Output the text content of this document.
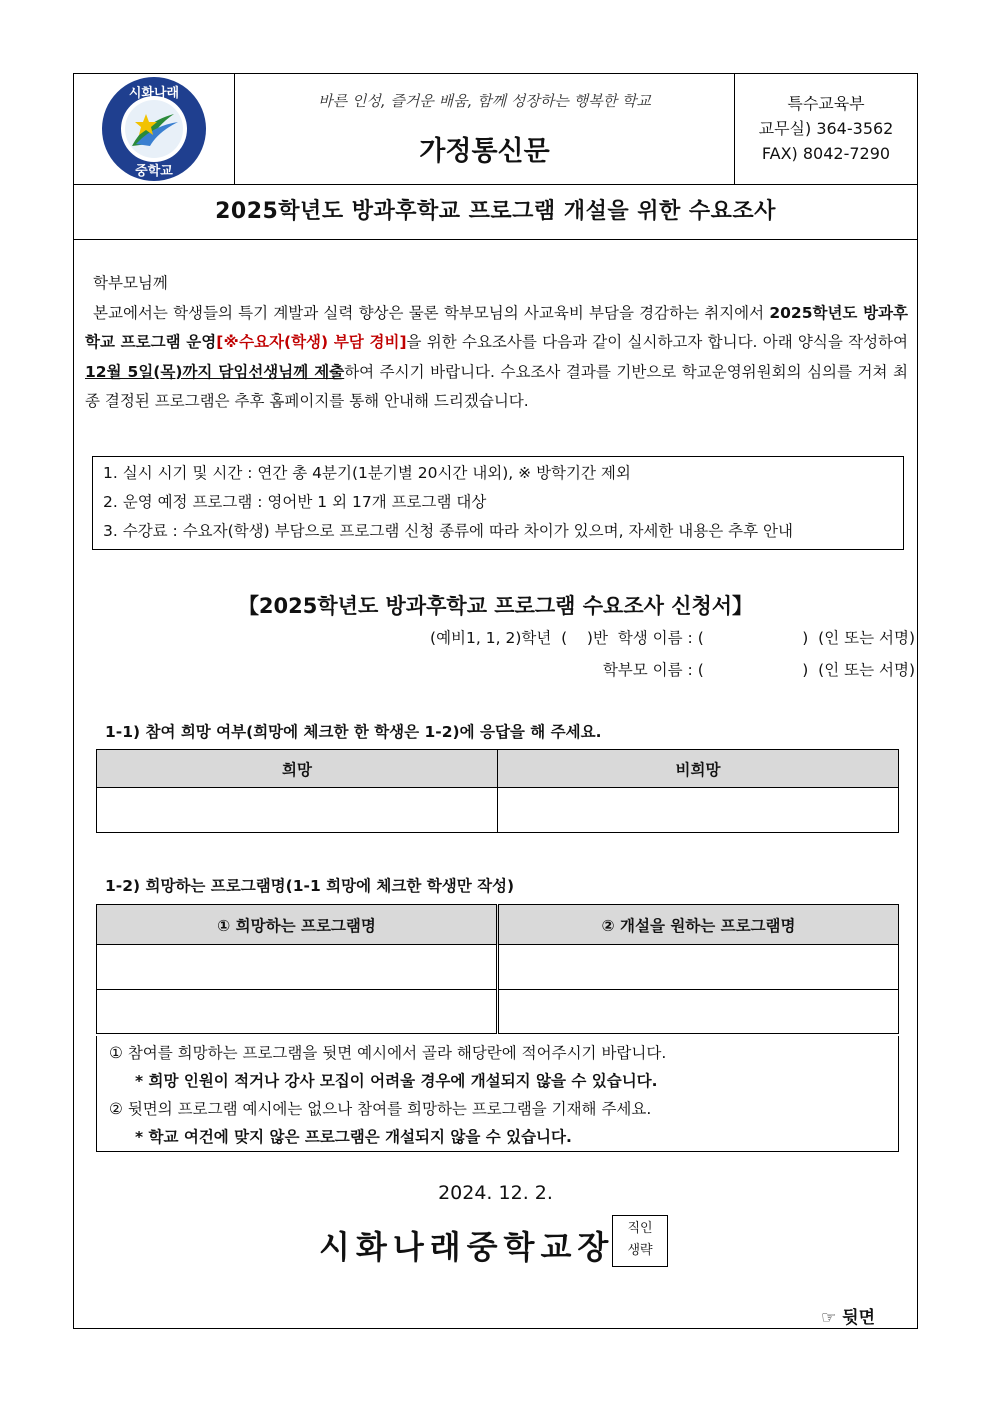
시화나래
중학교
바른 인성, 즐거운 배움, 함께 성장하는 행복한 학교
가정통신문
특수교육부
교무실) 364-3562
FAX) 8042-7290
2025학년도 방과후학교 프로그램 개설을 위한 수요조사
학부모님께
본교에서는 학생들의 특기 계발과 실력 향상은 물론 학부모님의 사교육비 부담을 경감하는 취지에서 2025학년도 방과후학교 프로그램 운영[※수요자(학생) 부담 경비]을 위한 수요조사를 다음과 같이 실시하고자 합니다. 아래 양식을 작성하여 12월 5일(목)까지 담임선생님께 제출하여 주시기 바랍니다. 수요조사 결과를 기반으로 학교운영위원회의 심의를 거쳐 최종 결정된 프로그램은 추후 홈페이지를 통해 안내해 드리겠습니다.
1. 실시 시기 및 시간 : 연간 총 4분기(1분기별 20시간 내외), ※ 방학기간 제외
2. 운영 예정 프로그램 : 영어반 1 외 17개 프로그램 대상
3. 수강료 : 수요자(학생) 부담으로 프로그램 신청 종류에 따라 차이가 있으며, 자세한 내용은 추후 안내
【2025학년도 방과후학교 프로그램 수요조사 신청서】
(예비1, 1, 2)학년  (    )반  학생 이름 : (                    )  (인 또는 서명)
학부모 이름 : (                    )  (인 또는 서명)
1-1) 참여 희망 여부(희망에 체크한 한 학생은 1-2)에 응답을 해 주세요.
희망	비희망

1-2) 희망하는 프로그램명(1-1 희망에 체크한 학생만 작성)
① 희망하는 프로그램명	② 개설을 원하는 프로그램명

① 참여를 희망하는 프로그램을 뒷면 예시에서 골라 해당란에 적어주시기 바랍니다.
* 희망 인원이 적거나 강사 모집이 어려울 경우에 개설되지 않을 수 있습니다.
② 뒷면의 프로그램 예시에는 없으나 참여를 희망하는 프로그램을 기재해 주세요.
* 학교 여건에 맞지 않은 프로그램은 개설되지 않을 수 있습니다.
2024. 12. 2.
시화나래중학교장	직인
생략
☞ 뒷면
